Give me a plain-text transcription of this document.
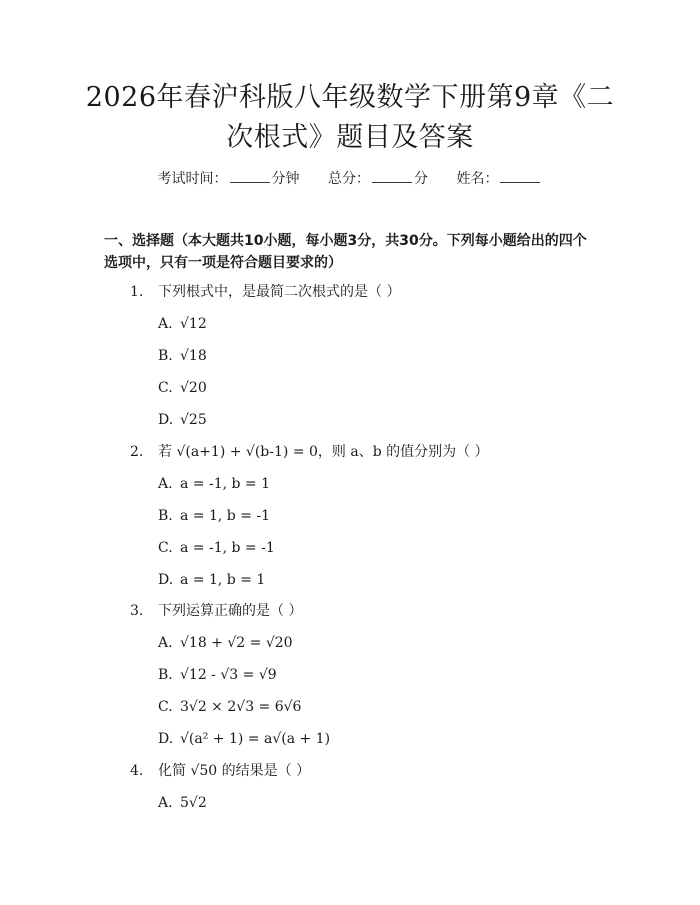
2026年春沪科版八年级数学下册第9章《二
次根式》题目及答案
考试时间：	分钟 总分：	分 姓名：
一、选择题（本大题共10小题，每小题3分，共30分。下列每小题给出的四个
选项中，只有一项是符合题目要求的）
1. 下列根式中，是最简二次根式的是（ ）
A. √12
B. √18
C. √20
D. √25
2. 若 √(a+1) + √(b-1) = 0，则 a、b 的值分别为（ ）
A. a = -1, b = 1
B. a = 1, b = -1
C. a = -1, b = -1
D. a = 1, b = 1
3. 下列运算正确的是（ ）
A. √18 + √2 = √20
B. √12 - √3 = √9
C. 3√2 × 2√3 = 6√6
D. √(a² + 1) = a√(a + 1)
4. 化简 √50 的结果是（ ）
A. 5√2
